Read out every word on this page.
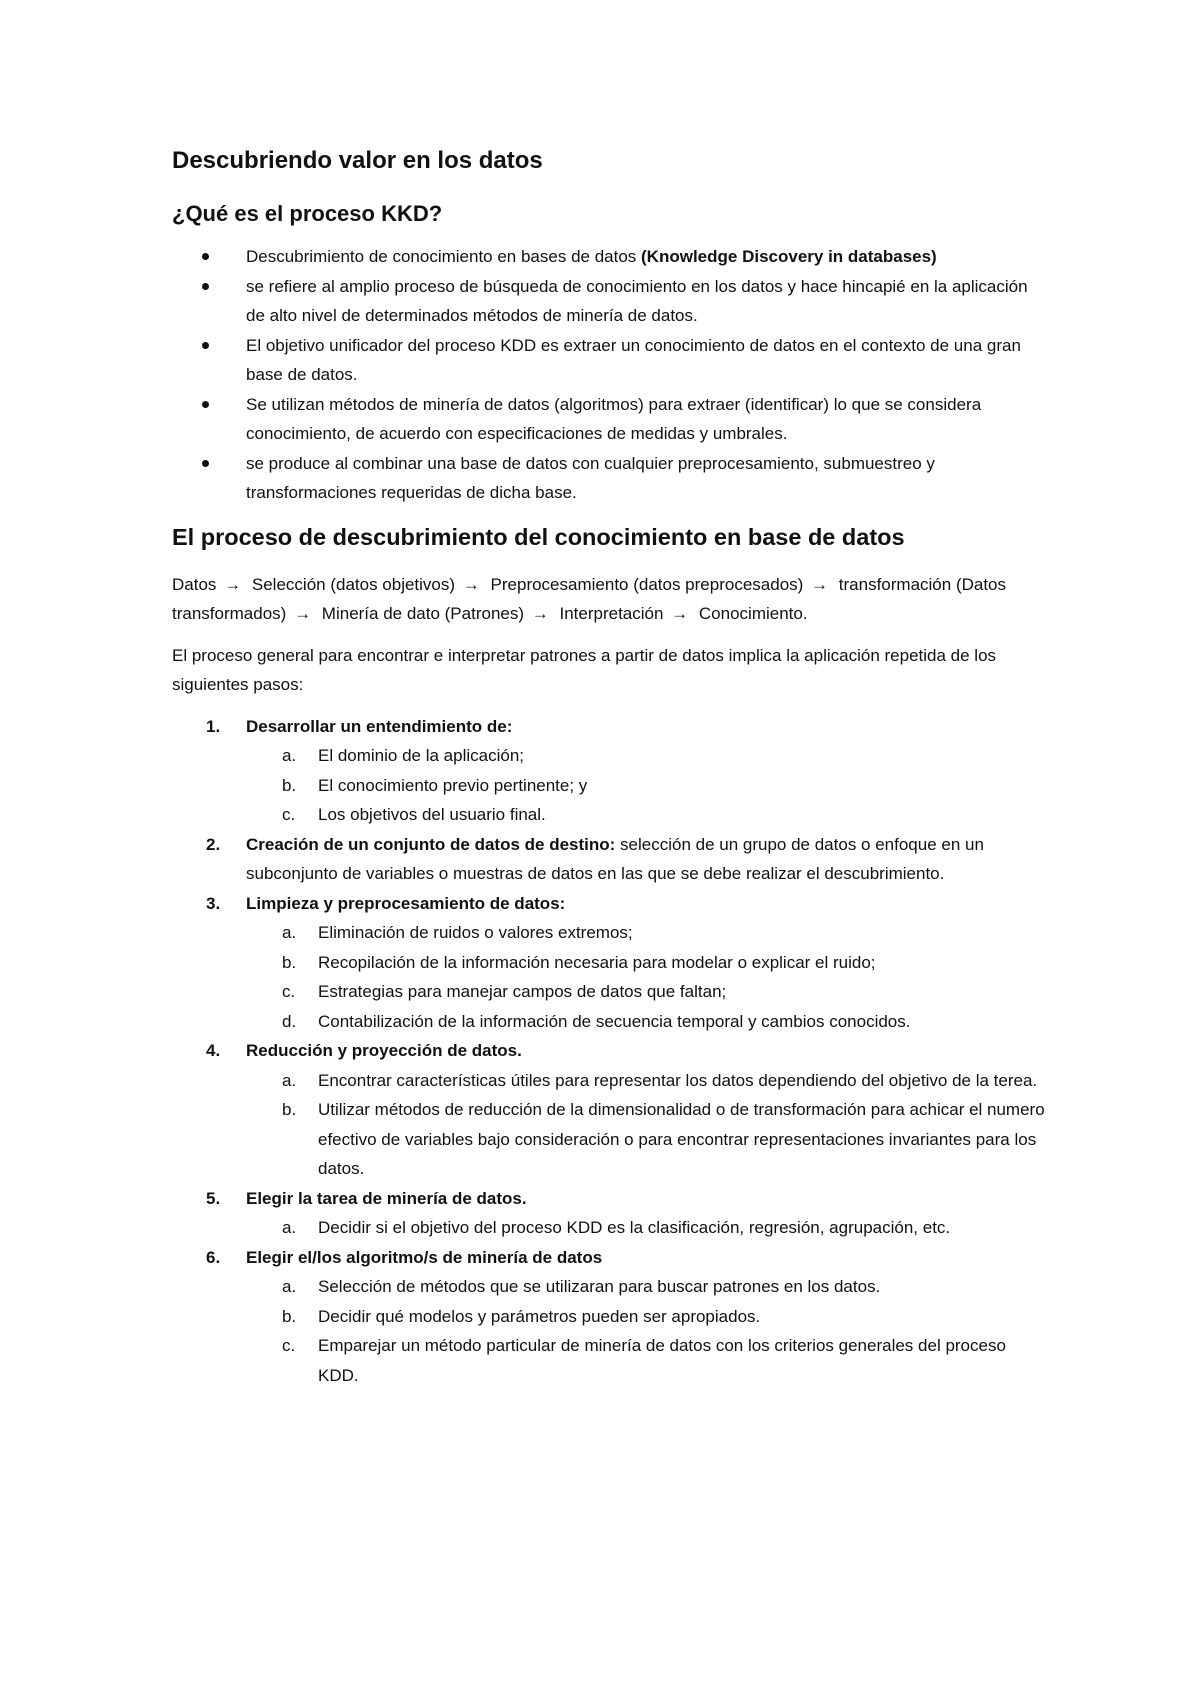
Descubriendo valor en los datos
¿Qué es el proceso KKD?
Descubrimiento de conocimiento en bases de datos (Knowledge Discovery in databases)
se refiere al amplio proceso de búsqueda de conocimiento en los datos y hace hincapié en la aplicación de alto nivel de determinados métodos de minería de datos.
El objetivo unificador del proceso KDD es extraer un conocimiento de datos en el contexto de una gran base de datos.
Se utilizan métodos de minería de datos (algoritmos) para extraer (identificar) lo que se considera conocimiento, de acuerdo con especificaciones de medidas y umbrales.
se produce al combinar una base de datos con cualquier preprocesamiento, submuestreo y transformaciones requeridas de dicha base.
El proceso de descubrimiento del conocimiento en base de datos
Datos → Selección (datos objetivos) → Preprocesamiento (datos preprocesados) → transformación (Datos transformados) → Minería de dato (Patrones) → Interpretación → Conocimiento.

El proceso general para encontrar e interpretar patrones a partir de datos implica la aplicación repetida de los siguientes pasos:

1. Desarrollar un entendimiento de:
a. El dominio de la aplicación;
b. El conocimiento previo pertinente; y
c. Los objetivos del usuario final.
2. Creación de un conjunto de datos de destino: selección de un grupo de datos o enfoque en un subconjunto de variables o muestras de datos en las que se debe realizar el descubrimiento.
3. Limpieza y preprocesamiento de datos:
a. Eliminación de ruidos o valores extremos;
b. Recopilación de la información necesaria para modelar o explicar el ruido;
c. Estrategias para manejar campos de datos que faltan;
d. Contabilización de la información de secuencia temporal y cambios conocidos.
4. Reducción y proyección de datos.
a. Encontrar características útiles para representar los datos dependiendo del objetivo de la terea.
b. Utilizar métodos de reducción de la dimensionalidad o de transformación para achicar el numero efectivo de variables bajo consideración o para encontrar representaciones invariantes para los datos.
5. Elegir la tarea de minería de datos.
a. Decidir si el objetivo del proceso KDD es la clasificación, regresión, agrupación, etc.
6. Elegir el/los algoritmo/s de minería de datos
a. Selección de métodos que se utilizaran para buscar patrones en los datos.
b. Decidir qué modelos y parámetros pueden ser apropiados.
c. Emparejar un método particular de minería de datos con los criterios generales del proceso KDD.
